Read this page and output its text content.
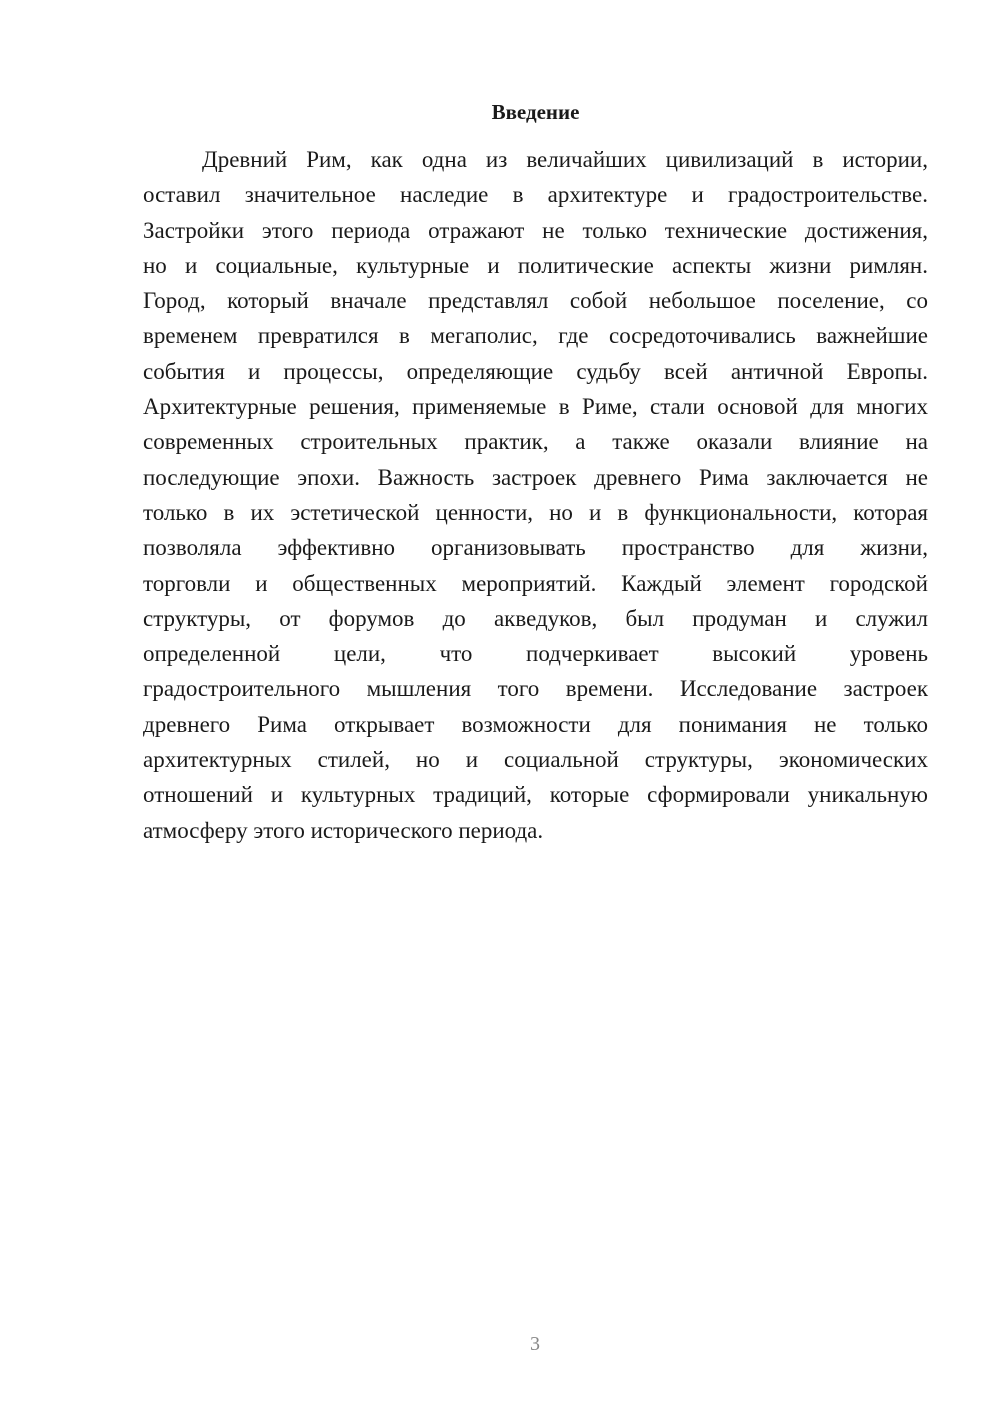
Введение
Древний Рим, как одна из величайших цивилизаций в истории,
оставил значительное наследие в архитектуре и градостроительстве.
Застройки этого периода отражают не только технические достижения,
но и социальные, культурные и политические аспекты жизни римлян.
Город, который вначале представлял собой небольшое поселение, со
временем превратился в мегаполис, где сосредоточивались важнейшие
события и процессы, определяющие судьбу всей античной Европы.
Архитектурные решения, применяемые в Риме, стали основой для многих
современных строительных практик, а также оказали влияние на
последующие эпохи. Важность застроек древнего Рима заключается не
только в их эстетической ценности, но и в функциональности, которая
позволяла эффективно организовывать пространство для жизни,
торговли и общественных мероприятий. Каждый элемент городской
структуры, от форумов до акведуков, был продуман и служил
определенной цели, что подчеркивает высокий уровень
градостроительного мышления того времени. Исследование застроек
древнего Рима открывает возможности для понимания не только
архитектурных стилей, но и социальной структуры, экономических
отношений и культурных традиций, которые сформировали уникальную
атмосферу этого исторического периода.
3
